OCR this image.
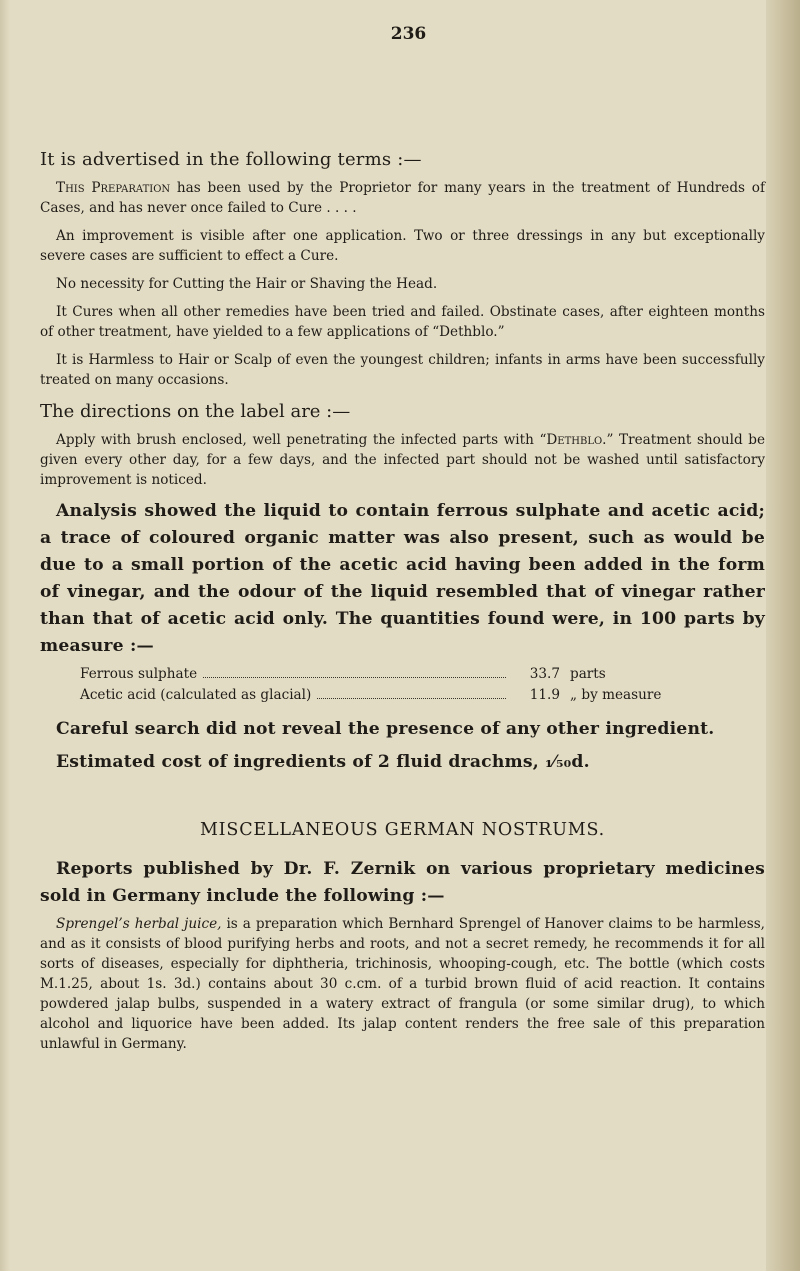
236
It is advertised in the following terms :—

This Preparation has been used by the Proprietor for many years in the treatment of Hundreds of Cases, and has never once failed to Cure . . . .

An improvement is visible after one application. Two or three dressings in any but exceptionally severe cases are sufficient to effect a Cure.

No necessity for Cutting the Hair or Shaving the Head.

It Cures when all other remedies have been tried and failed. Obstinate cases, after eighteen months of other treatment, have yielded to a few applications of “Dethblo.”

It is Harmless to Hair or Scalp of even the youngest children; infants in arms have been successfully treated on many occasions.

The directions on the label are :—

Apply with brush enclosed, well penetrating the infected parts with “Dethblo.” Treatment should be given every other day, for a few days, and the infected part should not be washed until satisfactory improvement is noticed.

Analysis showed the liquid to contain ferrous sulphate and acetic acid; a trace of coloured organic matter was also present, such as would be due to a small portion of the acetic acid having been added in the form of vinegar, and the odour of the liquid resembled that of vinegar rather than that of acetic acid only. The quantities found were, in 100 parts by measure :—

Ferrous sulphate	33.7 parts
Acetic acid (calculated as glacial)	11.9 „ by measure

Careful search did not reveal the presence of any other ingredient.

Estimated cost of ingredients of 2 fluid drachms, ₁⁄₅₀d.

MISCELLANEOUS GERMAN NOSTRUMS.

Reports published by Dr. F. Zernik on various proprietary medicines sold in Germany include the following :—

Sprengel’s herbal juice, is a preparation which Bernhard Sprengel of Hanover claims to be harmless, and as it consists of blood purifying herbs and roots, and not a secret remedy, he recommends it for all sorts of diseases, especially for diphtheria, trichinosis, whooping-cough, etc. The bottle (which costs M.1.25, about 1s. 3d.) contains about 30 c.cm. of a turbid brown fluid of acid reaction. It contains powdered jalap bulbs, suspended in a watery extract of frangula (or some similar drug), to which alcohol and liquorice have been added. Its jalap content renders the free sale of this preparation unlawful in Germany.
